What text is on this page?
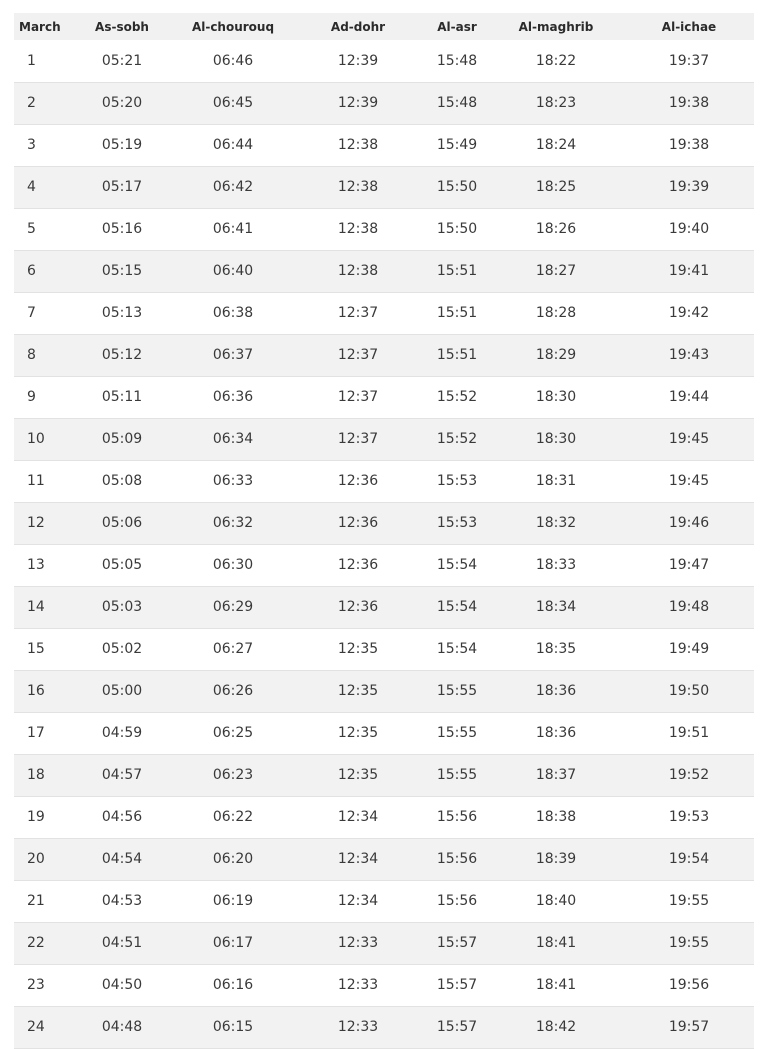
March	As-sobh	Al-chourouq	Ad-dohr	Al-asr	Al-maghrib	Al-ichae
1	05:21	06:46	12:39	15:48	18:22	19:37
2	05:20	06:45	12:39	15:48	18:23	19:38
3	05:19	06:44	12:38	15:49	18:24	19:38
4	05:17	06:42	12:38	15:50	18:25	19:39
5	05:16	06:41	12:38	15:50	18:26	19:40
6	05:15	06:40	12:38	15:51	18:27	19:41
7	05:13	06:38	12:37	15:51	18:28	19:42
8	05:12	06:37	12:37	15:51	18:29	19:43
9	05:11	06:36	12:37	15:52	18:30	19:44
10	05:09	06:34	12:37	15:52	18:30	19:45
11	05:08	06:33	12:36	15:53	18:31	19:45
12	05:06	06:32	12:36	15:53	18:32	19:46
13	05:05	06:30	12:36	15:54	18:33	19:47
14	05:03	06:29	12:36	15:54	18:34	19:48
15	05:02	06:27	12:35	15:54	18:35	19:49
16	05:00	06:26	12:35	15:55	18:36	19:50
17	04:59	06:25	12:35	15:55	18:36	19:51
18	04:57	06:23	12:35	15:55	18:37	19:52
19	04:56	06:22	12:34	15:56	18:38	19:53
20	04:54	06:20	12:34	15:56	18:39	19:54
21	04:53	06:19	12:34	15:56	18:40	19:55
22	04:51	06:17	12:33	15:57	18:41	19:55
23	04:50	06:16	12:33	15:57	18:41	19:56
24	04:48	06:15	12:33	15:57	18:42	19:57
